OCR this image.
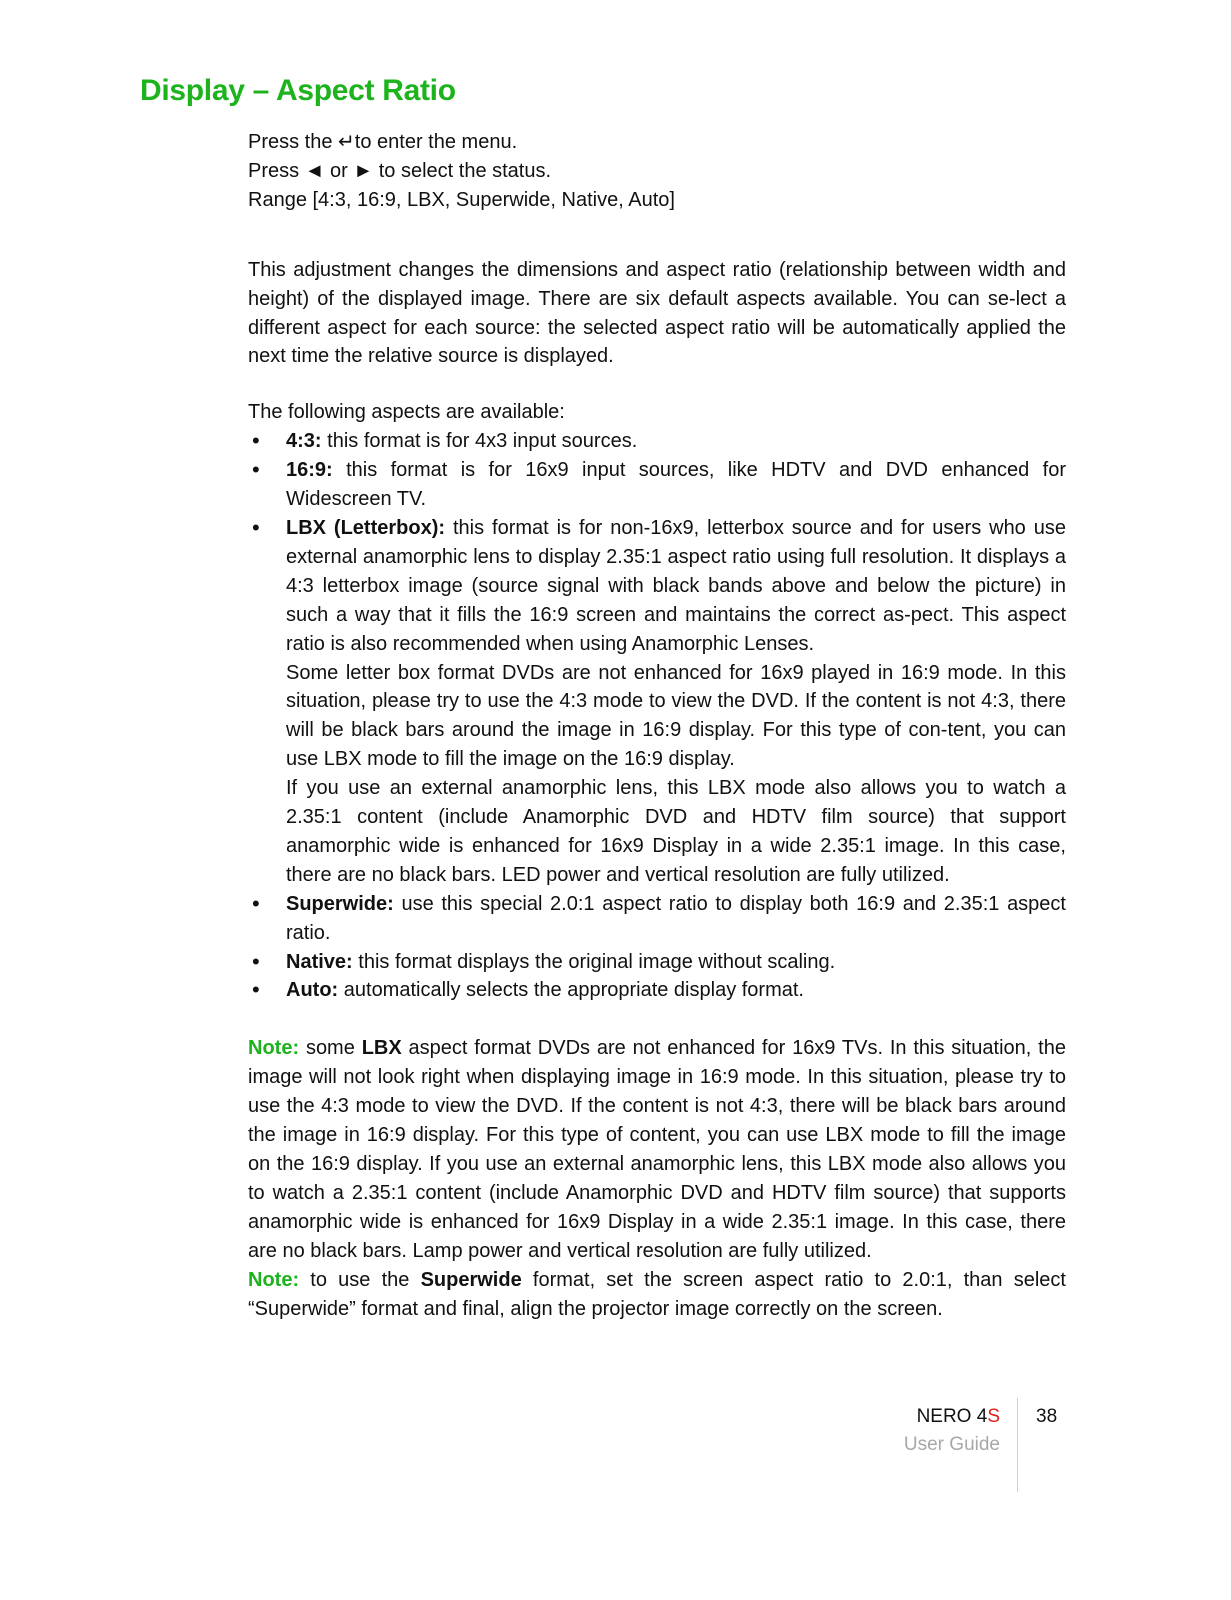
Display – Aspect Ratio

Press the ↵to enter the menu.

Press ◄ or ► to select the status.

Range [4:3, 16:9, LBX, Superwide, Native, Auto]

This adjustment changes the dimensions and aspect ratio (relationship between width and height) of the displayed image. There are six default aspects available. You can se-lect a different aspect for each source: the selected aspect ratio will be automatically applied the next time the relative source is displayed.

The following aspects are available:

• 4:3: this format is for 4x3 input sources.
• 16:9: this format is for 16x9 input sources, like HDTV and DVD enhanced for Widescreen TV.

• LBX (Letterbox): this format is for non-16x9, letterbox source and for users who use external anamorphic lens to display 2.35:1 aspect ratio using full resolution. It displays a 4:3 letterbox image (source signal with black bands above and below the picture) in such a way that it fills the 16:9 screen and maintains the correct as-pect. This aspect ratio is also recommended when using Anamorphic Lenses.

Some letter box format DVDs are not enhanced for 16x9 played in 16:9 mode. In this situation, please try to use the 4:3 mode to view the DVD. If the content is not 4:3, there will be black bars around the image in 16:9 display. For this type of con-tent, you can use LBX mode to fill the image on the 16:9 display.

If you use an external anamorphic lens, this LBX mode also allows you to watch a 2.35:1 content (include Anamorphic DVD and HDTV film source) that support anamorphic wide is enhanced for 16x9 Display in a wide 2.35:1 image. In this case, there are no black bars. LED power and vertical resolution are fully utilized.

• Superwide: use this special 2.0:1 aspect ratio to display both 16:9 and 2.35:1 aspect ratio.
• Native: this format displays the original image without scaling.
• Auto: automatically selects the appropriate display format.

Note: some LBX aspect format DVDs are not enhanced for 16x9 TVs. In this situation, the image will not look right when displaying image in 16:9 mode. In this situation, please try to use the 4:3 mode to view the DVD. If the content is not 4:3, there will be black bars around the image in 16:9 display. For this type of content, you can use LBX mode to fill the image on the 16:9 display. If you use an external anamorphic lens, this LBX mode also allows you to watch a 2.35:1 content (include Anamorphic DVD and HDTV film source) that supports anamorphic wide is enhanced for 16x9 Display in a wide 2.35:1 image. In this case, there are no black bars. Lamp power and vertical resolution are fully utilized.

Note: to use the Superwide format, set the screen aspect ratio to 2.0:1, than select “Superwide” format and final, align the projector image correctly on the screen.

NERO 4S
User Guide
38
